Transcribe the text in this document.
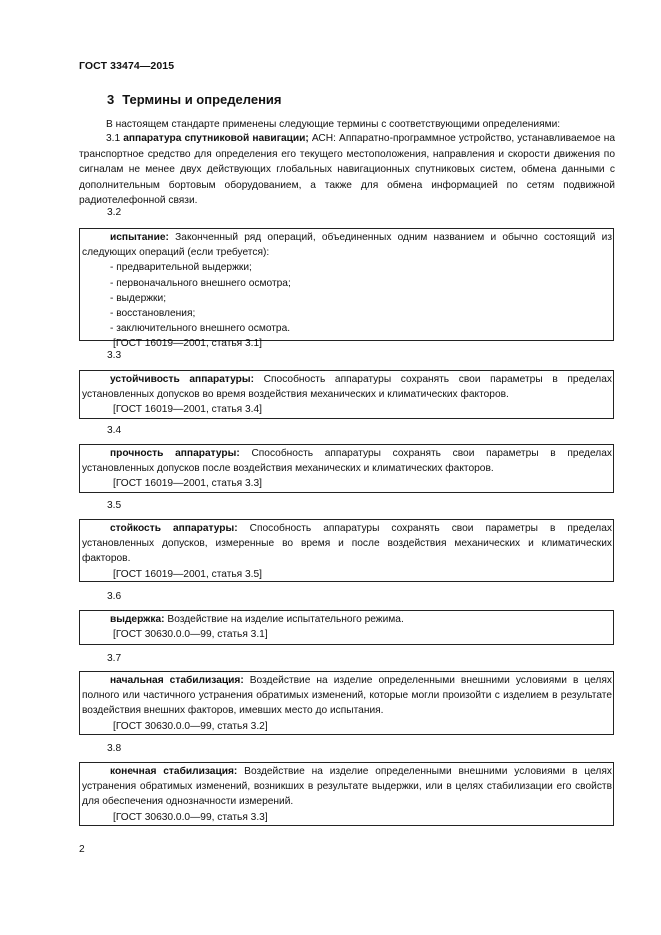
ГОСТ 33474—2015
3 Термины и определения
В настоящем стандарте применены следующие термины с соответствующими определениями:
3.1 аппаратура спутниковой навигации; АСН: Аппаратно-программное устройство, устанавливаемое на транспортное средство для определения его текущего местоположения, направления и скорости движения по сигналам не менее двух действующих глобальных навигационных спутниковых систем, обмена данными с дополнительным бортовым оборудованием, а также для обмена информацией по сетям подвижной радиотелефонной связи.
3.2
испытание: Законченный ряд операций, объединенных одним названием и обычно состоящий из следующих операций (если требуется):
- предварительной выдержки;
- первоначального внешнего осмотра;
- выдержки;
- восстановления;
- заключительного внешнего осмотра.
[ГОСТ 16019—2001, статья 3.1]
3.3
устойчивость аппаратуры: Способность аппаратуры сохранять свои параметры в пределах установленных допусков во время воздействия механических и климатических факторов.
[ГОСТ 16019—2001, статья 3.4]
3.4
прочность аппаратуры: Способность аппаратуры сохранять свои параметры в пределах установленных допусков после воздействия механических и климатических факторов.
[ГОСТ 16019—2001, статья 3.3]
3.5
стойкость аппаратуры: Способность аппаратуры сохранять свои параметры в пределах установленных допусков, измеренные во время и после воздействия механических и климатических факторов.
[ГОСТ 16019—2001, статья 3.5]
3.6
выдержка: Воздействие на изделие испытательного режима.
[ГОСТ 30630.0.0—99, статья 3.1]
3.7
начальная стабилизация: Воздействие на изделие определенными внешними условиями в целях полного или частичного устранения обратимых изменений, которые могли произойти с изделием в результате воздействия внешних факторов, имевших место до испытания.
[ГОСТ 30630.0.0—99, статья 3.2]
3.8
конечная стабилизация: Воздействие на изделие определенными внешними условиями в целях устранения обратимых изменений, возникших в результате выдержки, или в целях стабилизации его свойств для обеспечения однозначности измерений.
[ГОСТ 30630.0.0—99, статья 3.3]
2
